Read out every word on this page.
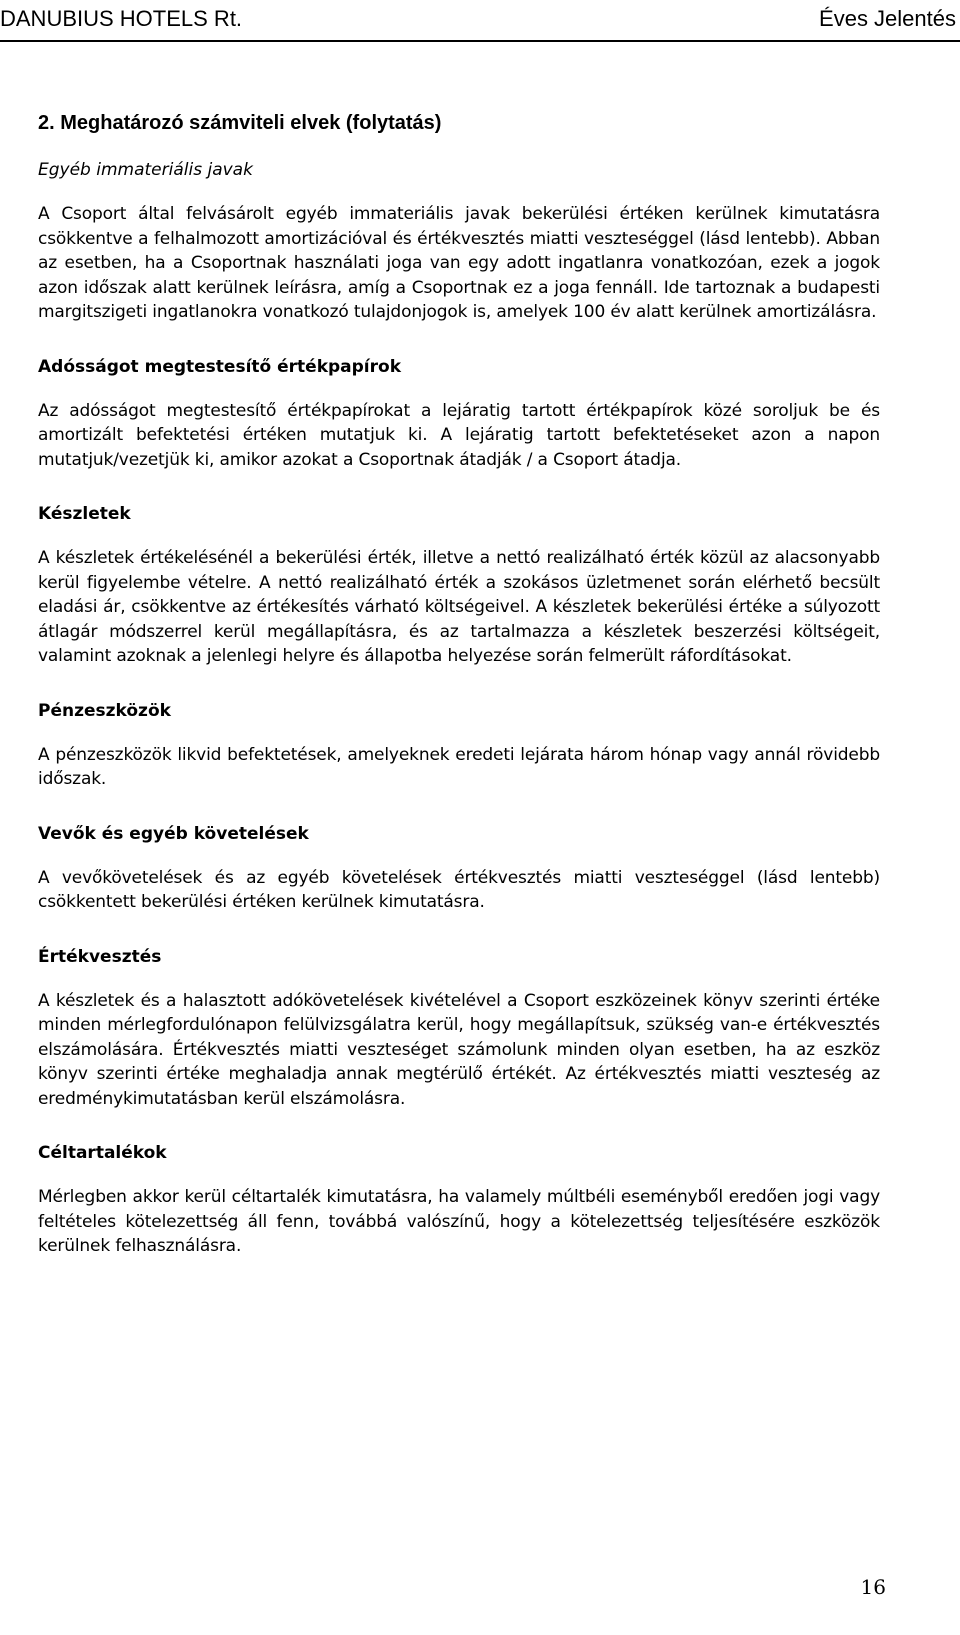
DANUBIUS HOTELS Rt.	Éves Jelentés
2. Meghatározó számviteli elvek (folytatás)
Egyéb immateriális javak

A Csoport által felvásárolt egyéb immateriális javak bekerülési értéken kerülnek kimutatásra csökkentve a felhalmozott amortizációval és értékvesztés miatti veszteséggel (lásd lentebb). Abban az esetben, ha a Csoportnak használati joga van egy adott ingatlanra vonatkozóan, ezek a jogok azon időszak alatt kerülnek leírásra, amíg a Csoportnak ez a joga fennáll. Ide tartoznak a budapesti margitszigeti ingatlanokra vonatkozó tulajdonjogok is, amelyek 100 év alatt kerülnek amortizálásra.

Adósságot megtestesítő értékpapírok

Az adósságot megtestesítő értékpapírokat a lejáratig tartott értékpapírok közé soroljuk be és amortizált befektetési értéken mutatjuk ki. A lejáratig tartott befektetéseket azon a napon mutatjuk/vezetjük ki, amikor azokat a Csoportnak átadják / a Csoport átadja.

Készletek

A készletek értékelésénél a bekerülési érték, illetve a nettó realizálható érték közül az alacsonyabb kerül figyelembe vételre. A nettó realizálható érték a szokásos üzletmenet során elérhető becsült eladási ár, csökkentve az értékesítés várható költségeivel. A készletek bekerülési értéke a súlyozott átlagár módszerrel kerül megállapításra, és az tartalmazza a készletek beszerzési költségeit, valamint azoknak a jelenlegi helyre és állapotba helyezése során felmerült ráfordításokat.

Pénzeszközök

A pénzeszközök likvid befektetések, amelyeknek eredeti lejárata három hónap vagy annál rövidebb időszak.

Vevők és egyéb követelések

A vevőkövetelések és az egyéb követelések értékvesztés miatti veszteséggel (lásd lentebb) csökkentett bekerülési értéken kerülnek kimutatásra.

Értékvesztés

A készletek és a halasztott adókövetelések kivételével a Csoport eszközeinek könyv szerinti értéke minden mérlegfordulónapon felülvizsgálatra kerül, hogy megállapítsuk, szükség van-e értékvesztés elszámolására. Értékvesztés miatti veszteséget számolunk minden olyan esetben, ha az eszköz könyv szerinti értéke meghaladja annak megtérülő értékét. Az értékvesztés miatti veszteség az eredménykimutatásban kerül elszámolásra.

Céltartalékok

Mérlegben akkor kerül céltartalék kimutatásra, ha valamely múltbéli eseményből eredően jogi vagy feltételes kötelezettség áll fenn, továbbá valószínű, hogy a kötelezettség teljesítésére eszközök kerülnek felhasználásra.

16
